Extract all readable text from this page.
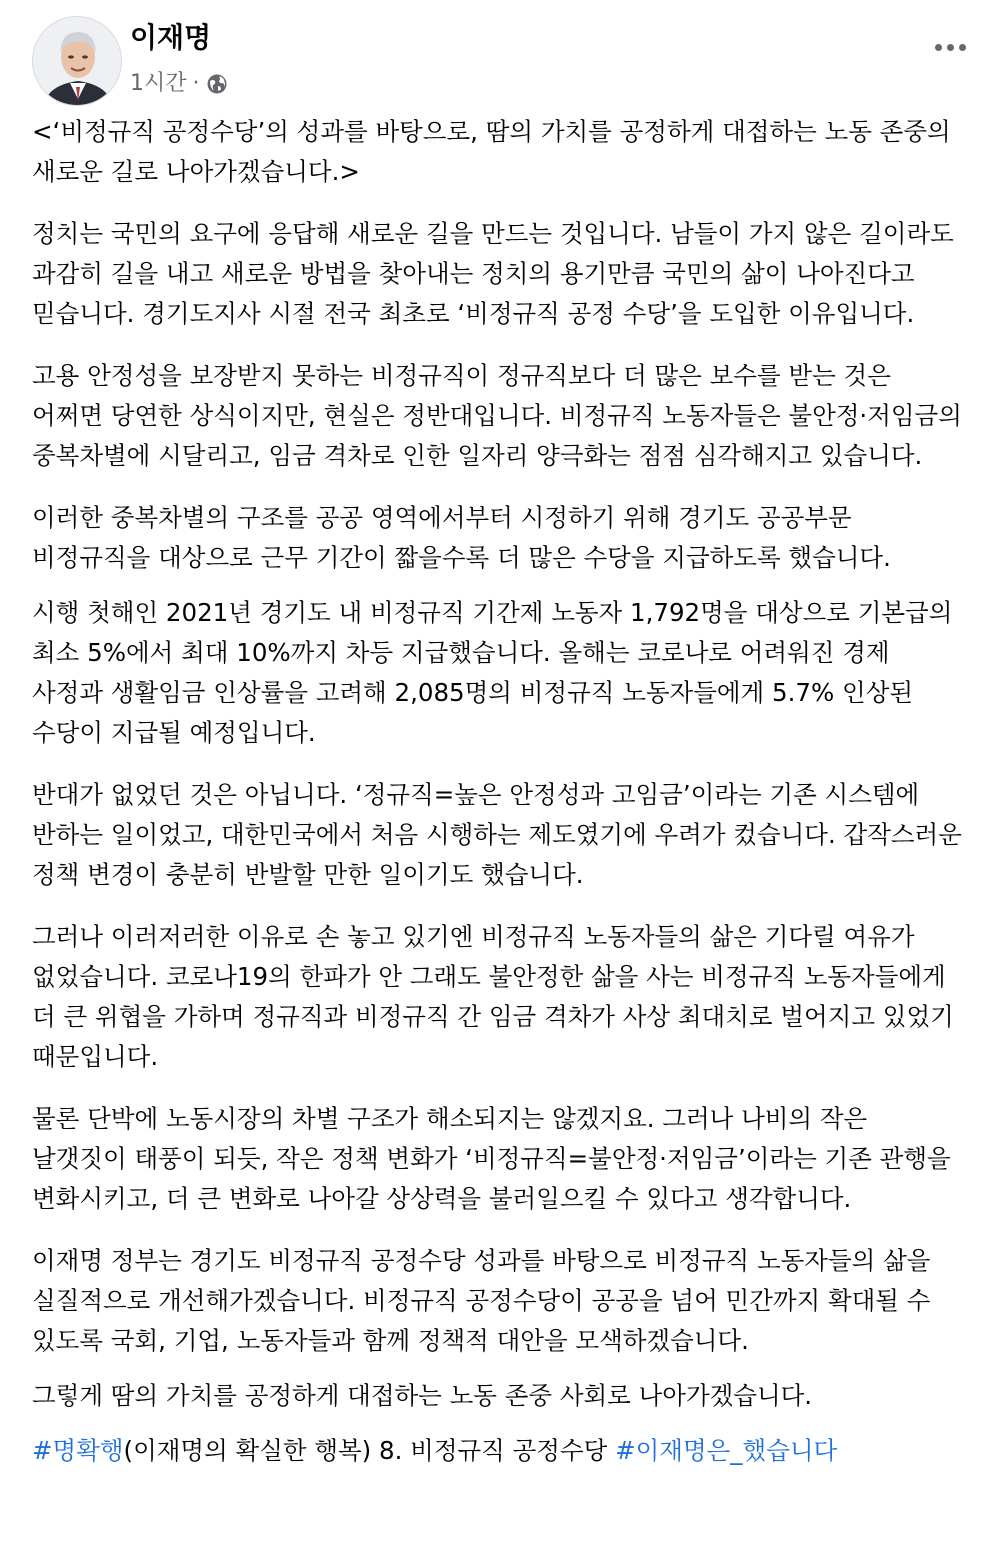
이재명
1시간 ·

<‘비정규직 공정수당’의 성과를 바탕으로, 땀의 가치를 공정하게 대접하는 노동 존중의 새로운 길로 나아가겠습니다.>

정치는 국민의 요구에 응답해 새로운 길을 만드는 것입니다. 남들이 가지 않은 길이라도 과감히 길을 내고 새로운 방법을 찾아내는 정치의 용기만큼 국민의 삶이 나아진다고 믿습니다. 경기도지사 시절 전국 최초로 ‘비정규직 공정 수당’을 도입한 이유입니다.

고용 안정성을 보장받지 못하는 비정규직이 정규직보다 더 많은 보수를 받는 것은 어쩌면 당연한 상식이지만, 현실은 정반대입니다. 비정규직 노동자들은 불안정·저임금의 중복차별에 시달리고, 임금 격차로 인한 일자리 양극화는 점점 심각해지고 있습니다.

이러한 중복차별의 구조를 공공 영역에서부터 시정하기 위해 경기도 공공부문 비정규직을 대상으로 근무 기간이 짧을수록 더 많은 수당을 지급하도록 했습니다.

시행 첫해인 2021년 경기도 내 비정규직 기간제 노동자 1,792명을 대상으로 기본급의 최소 5%에서 최대 10%까지 차등 지급했습니다. 올해는 코로나로 어려워진 경제 사정과 생활임금 인상률을 고려해 2,085명의 비정규직 노동자들에게 5.7% 인상된 수당이 지급될 예정입니다.

반대가 없었던 것은 아닙니다. ‘정규직=높은 안정성과 고임금’이라는 기존 시스템에 반하는 일이었고, 대한민국에서 처음 시행하는 제도였기에 우려가 컸습니다. 갑작스러운 정책 변경이 충분히 반발할 만한 일이기도 했습니다.

그러나 이러저러한 이유로 손 놓고 있기엔 비정규직 노동자들의 삶은 기다릴 여유가 없었습니다. 코로나19의 한파가 안 그래도 불안정한 삶을 사는 비정규직 노동자들에게 더 큰 위협을 가하며 정규직과 비정규직 간 임금 격차가 사상 최대치로 벌어지고 있었기 때문입니다.

물론 단박에 노동시장의 차별 구조가 해소되지는 않겠지요. 그러나 나비의 작은 날갯짓이 태풍이 되듯, 작은 정책 변화가 ‘비정규직=불안정·저임금’이라는 기존 관행을 변화시키고, 더 큰 변화로 나아갈 상상력을 불러일으킬 수 있다고 생각합니다.

이재명 정부는 경기도 비정규직 공정수당 성과를 바탕으로 비정규직 노동자들의 삶을 실질적으로 개선해가겠습니다. 비정규직 공정수당이 공공을 넘어 민간까지 확대될 수 있도록 국회, 기업, 노동자들과 함께 정책적 대안을 모색하겠습니다.

그렇게 땀의 가치를 공정하게 대접하는 노동 존중 사회로 나아가겠습니다.

#명확행(이재명의 확실한 행복) 8. 비정규직 공정수당 #이재명은_했습니다
